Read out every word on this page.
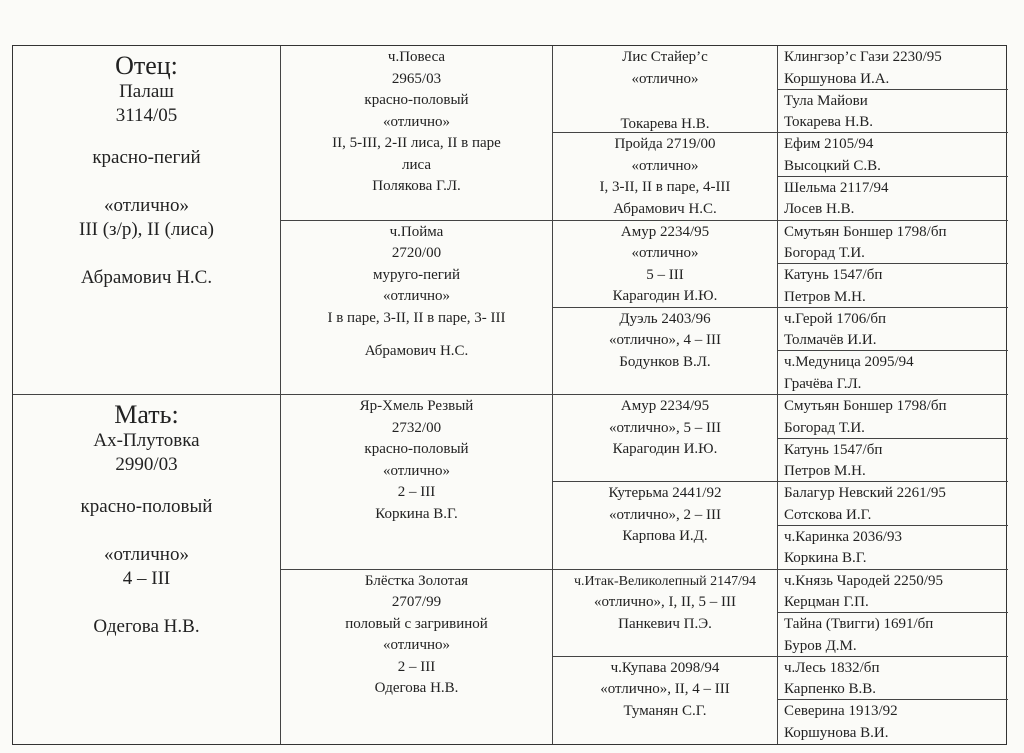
Отец:
Палаш
3114/05
красно-пегий
«отлично»
III (з/р), II (лиса)
Абрамович Н.С.
Мать:
Ах-Плутовка
2990/03
красно-половый
«отлично»
4 – III
Одегова Н.В.
ч.Повеса
2965/03
красно-половый
«отлично»
II, 5-III, 2-II лиса, II в паре
лиса
Полякова Г.Л.
ч.Пойма
2720/00
муруго-пегий
«отлично»
I в паре, 3-II, II в паре, 3- III
Абрамович Н.С.
Яр-Хмель Резвый
2732/00
красно-половый
«отлично»
2 – III
Коркина В.Г.
Блёстка Золотая
2707/99
половый с загривиной
«отлично»
2 – III
Одегова Н.В.
Лис Стайер’с
«отлично»
Токарева Н.В.
Пройда 2719/00
«отлично»
I, 3-II, II в паре, 4-III
Абрамович Н.С.
Амур 2234/95
«отлично»
5 – III
Карагодин И.Ю.
Дуэль 2403/96
«отлично», 4 – III
Бодунков В.Л.
Амур 2234/95
«отлично», 5 – III
Карагодин И.Ю.
Кутерьма 2441/92
«отлично», 2 – III
Карпова И.Д.
ч.Итак-Великолепный 2147/94
«отлично», I, II, 5 – III
Панкевич П.Э.
ч.Купава 2098/94
«отлично», II, 4 – III
Туманян С.Г.
Клингзор’с Гази 2230/95
Коршунова И.А.
Тула Майови
Токарева Н.В.
Ефим 2105/94
Высоцкий С.В.
Шельма 2117/94
Лосев Н.В.
Смутьян Боншер 1798/бп
Богорад Т.И.
Катунь 1547/бп
Петров М.Н.
ч.Герой 1706/бп
Толмачёв И.И.
ч.Медуница 2095/94
Грачёва Г.Л.
Смутьян Боншер 1798/бп
Богорад Т.И.
Катунь 1547/бп
Петров М.Н.
Балагур Невский 2261/95
Сотскова И.Г.
ч.Каринка 2036/93
Коркина В.Г.
ч.Князь Чародей 2250/95
Керцман Г.П.
Тайна (Твигги) 1691/бп
Буров Д.М.
ч.Лесь 1832/бп
Карпенко В.В.
Северина 1913/92
Коршунова В.И.
